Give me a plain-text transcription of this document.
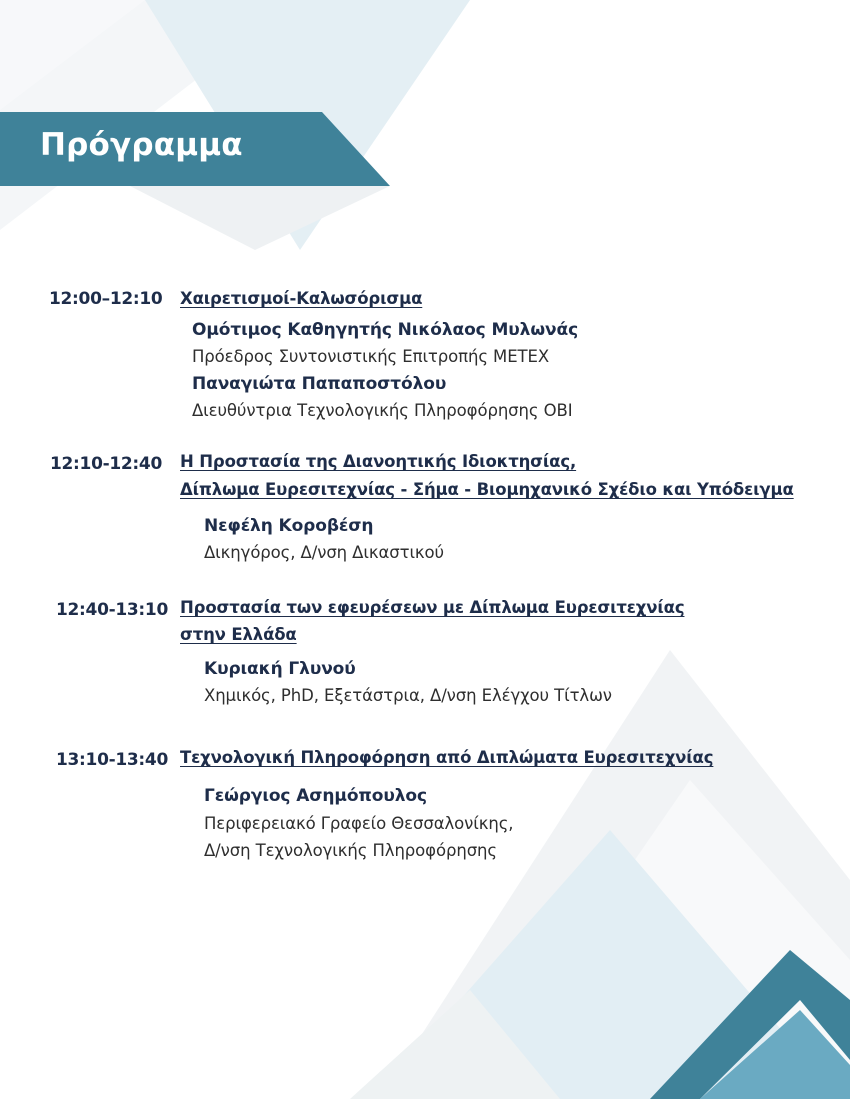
Πρόγραμμα
12:00–12:10 Χαιρετισμοί-Καλωσόρισμα
Ομότιμος Καθηγητής Νικόλαος Μυλωνάς
Πρόεδρος Συντονιστικής Επιτροπής ΜΕΤΕΧ
Παναγιώτα Παπαποστόλου
Διευθύντρια Τεχνολογικής Πληροφόρησης ΟΒΙ
12:10-12:40 Η Προστασία της Διανοητικής Ιδιοκτησίας,
Δίπλωμα Ευρεσιτεχνίας - Σήμα - Βιομηχανικό Σχέδιο και Υπόδειγμα
Νεφέλη Κοροβέση
Δικηγόρος, Δ/νση Δικαστικού
12:40-13:10 Προστασία των εφευρέσεων με Δίπλωμα Ευρεσιτεχνίας
στην Ελλάδα
Κυριακή Γλυνού
Χημικός, PhD, Εξετάστρια, Δ/νση Ελέγχου Τίτλων
13:10-13:40 Τεχνολογική Πληροφόρηση από Διπλώματα Ευρεσιτεχνίας
Γεώργιος Ασημόπουλος
Περιφερειακό Γραφείο Θεσσαλονίκης,
Δ/νση Τεχνολογικής Πληροφόρησης
